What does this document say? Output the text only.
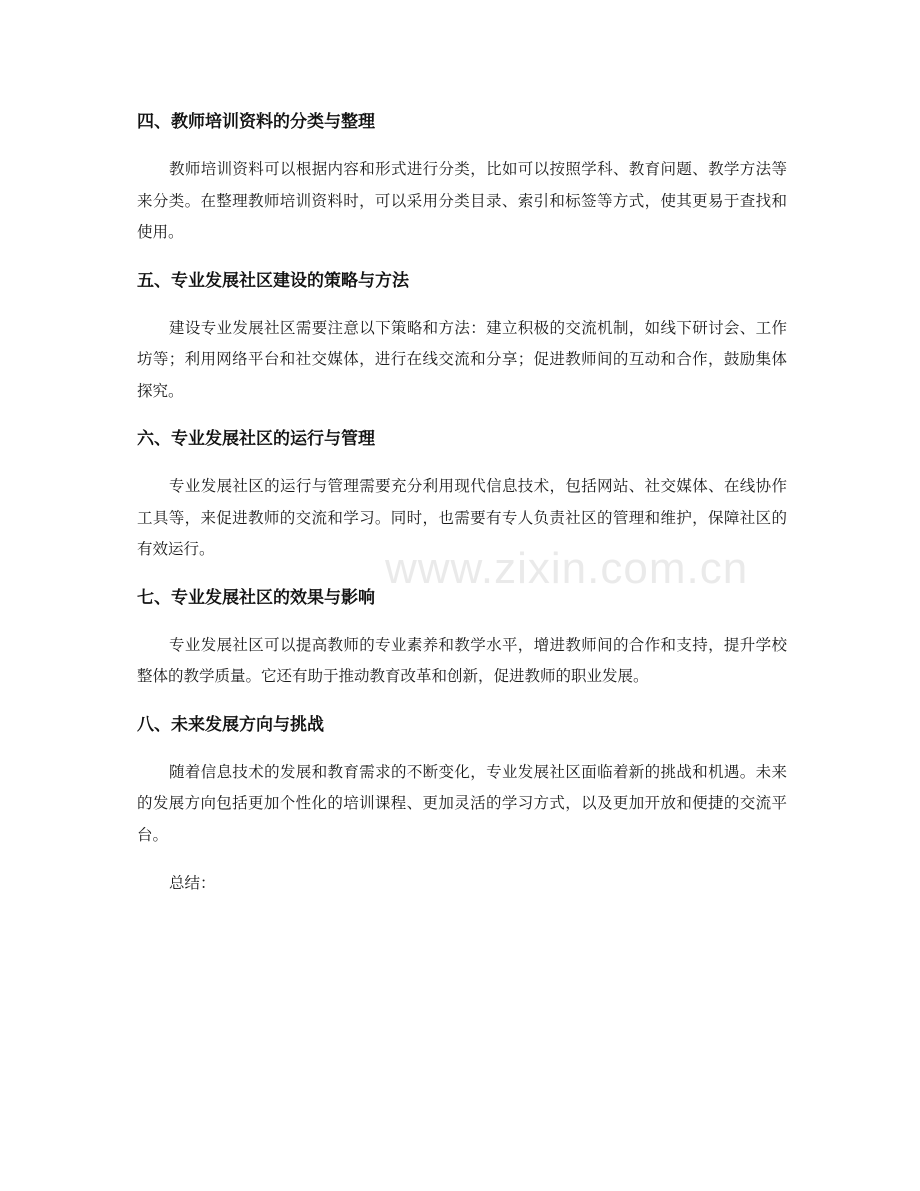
四、教师培训资料的分类与整理

教师培训资料可以根据内容和形式进行分类，比如可以按照学科、教育问题、教学方法等来分类。在整理教师培训资料时，可以采用分类目录、索引和标签等方式，使其更易于查找和使用。

五、专业发展社区建设的策略与方法

建设专业发展社区需要注意以下策略和方法：建立积极的交流机制，如线下研讨会、工作坊等；利用网络平台和社交媒体，进行在线交流和分享；促进教师间的互动和合作，鼓励集体探究。

六、专业发展社区的运行与管理

专业发展社区的运行与管理需要充分利用现代信息技术，包括网站、社交媒体、在线协作工具等，来促进教师的交流和学习。同时，也需要有专人负责社区的管理和维护，保障社区的有效运行。

七、专业发展社区的效果与影响

专业发展社区可以提高教师的专业素养和教学水平，增进教师间的合作和支持，提升学校整体的教学质量。它还有助于推动教育改革和创新，促进教师的职业发展。

八、未来发展方向与挑战

随着信息技术的发展和教育需求的不断变化，专业发展社区面临着新的挑战和机遇。未来的发展方向包括更加个性化的培训课程、更加灵活的学习方式，以及更加开放和便捷的交流平台。

总结：

www.zixin.com.cn
